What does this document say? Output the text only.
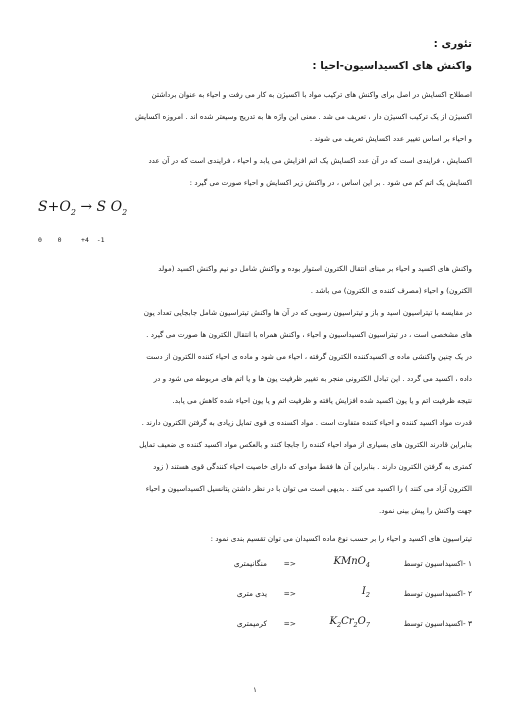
تئوری :
واکنش های اکسیداسیون-احیا :
اصطلاح اکسایش در اصل برای واکنش های ترکیب مواد با اکسیژن به کار می رفت و احیاء به عنوان برداشتن
اکسیژن از یک ترکیب اکسیژن دار ، تعریف می شد . معنی این واژه ها به تدریج وسیعتر شده اند . امروزه اکسایش
و احیاء بر اساس تغییر عدد اکسایش تعریف می شوند .
اکسایش ، فرایندی است که در آن عدد اکسایش یک اتم افزایش می یابد و احیاء ، فرایندی است که در آن عدد
اکسایش یک اتم کم می شود . بر این اساس ، در واکنش زیر اکسایش و احیاء صورت می گیرد :
$S+O_2 \to S$ $O_2$
0    0     +4  -1
واکنش های اکسید و احیاء بر مبنای انتقال الکترون استوار بوده و واکنش شامل دو نیم واکنش اکسید (مولد
الکترون) و احیاء (مصرف کننده ی الکترون) می باشد .
در مقایسه با تیتراسیون اسید و باز و تیتراسیون رسوبی که در آن ها واکنش تیتراسیون شامل جابجایی تعداد یون
های مشخصی است ، در تیتراسیون اکسیداسیون و احیاء ، واکنش همراه با انتقال الکترون ها صورت می گیرد .
در یک چنین واکنشی ماده ی اکسیدکننده الکترون گرفته ، احیاء می شود و ماده ی احیاء کننده الکترون از دست
داده ، اکسید می گردد . این تبادل الکترونی منجر به تغییر ظرفیت یون ها و یا اتم های مربوطه می شود و در
نتیجه ظرفیت اتم و یا یون اکسید شده افزایش یافته و ظرفیت اتم و یا یون احیاء شده کاهش می یابد.
قدرت مواد اکسید کننده و احیاء کننده متفاوت است . مواد اکسنده ی قوی تمایل زیادی به گرفتن الکترون دارند .
بنابراین قادرند الکترون های بسیاری از مواد احیاء کننده را جابجا کنند و بالعکس مواد اکسید کننده ی ضعیف تمایل
کمتری به گرفتن الکترون دارند . بنابراین آن ها فقط موادی که دارای خاصیت احیاء کنندگی قوی هستند ( زود
الکترون آزاد می کنند ) را اکسید می کنند . بدیهی است می توان با در نظر داشتن پتانسیل اکسیداسیون و احیاء
جهت واکنش را پیش بینی نمود.
تیتراسیون های اکسید و احیاء را بر حسب نوع ماده اکسیدان می توان تقسیم بندی نمود :
۱ -اکسیداسیون توسط
KMnO$_4$
=>
منگانیمتری
۲ -اکسیداسیون توسط
$I_2$
=>
یدی متری
۳ -اکسیداسیون توسط
$K_2Cr_2O_7$
=>
کرمیمتری
۱
